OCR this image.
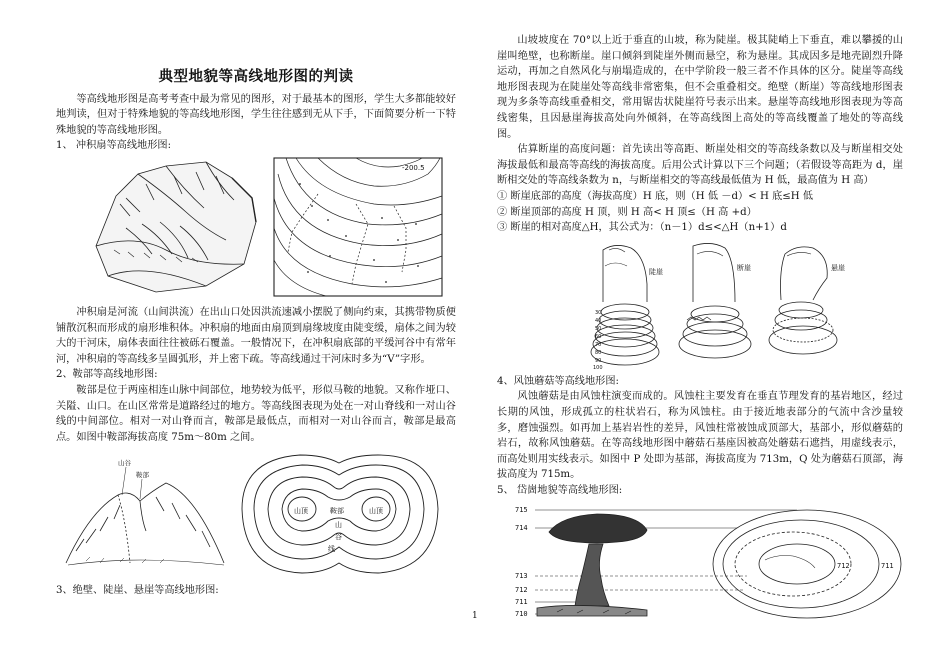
典型地貌等高线地形图的判读

等高线地形图是高考考查中最为常见的图形，对于最基本的图形，学生大多都能较好地判读，但对于特殊地貌的等高线地形图，学生往往感到无从下手，下面简要分析一下特殊地貌的等高线地形图。

1、 冲积扇等高线地形图:

-200.5

冲积扇是河流（山间洪流）在出山口处因洪流速减小摆脱了侧向约束，其携带物质便铺散沉积而形成的扇形堆积体。冲积扇的地面由扇顶到扇缘坡度由陡变缓，扇体之间为较大的干河床，扇体表面往往被砾石覆盖。一般情况下，在冲积扇底部的平缓河谷中有常年河，冲积扇的等高线多呈圆弧形，并上密下疏。等高线通过干河床时多为“V”字形。

2、鞍部等高线地形图:

鞍部是位于两座相连山脉中间部位，地势较为低平，形似马鞍的地貌。又称作垭口、关隘、山口。在山区常常是道路经过的地方。等高线图表现为处在一对山脊线和一对山谷线的中间部位。相对一对山脊而言，鞍部是最低点，而相对一对山谷而言，鞍部是最高点。如图中鞍部海拔高度 75m～80m 之间。

山谷
鞍部
山顶	鞍部	山顶
山
谷
线

3、绝壁、陡崖、悬崖等高线地形图:

山坡坡度在 70°以上近于垂直的山坡，称为陡崖。极其陡峭上下垂直，难以攀援的山崖叫绝壁，也称断崖。崖口倾斜到陡崖外侧而悬空，称为悬崖。其成因多是地壳剧烈升降运动，再加之自然风化与崩塌造成的，在中学阶段一般三者不作具体的区分。陡崖等高线地形图表现为在陡崖处等高线非常密集，但不会重叠相交。绝壁（断崖）等高线地形图表现为多条等高线重叠相交，常用锯齿状陡崖符号表示出来。悬崖等高线地形图表现为等高线密集，且因悬崖海拔高处向外倾斜，在等高线图上高处的等高线覆盖了地处的等高线图。

估算断崖的高度问题：首先读出等高距、断崖处相交的等高线条数以及与断崖相交处海拔最低和最高等高线的海拔高度。后用公式计算以下三个问题；（若假设等高距为 d，崖断相交处的等高线条数为 n，与断崖相交的等高线最低值为 H 低，最高值为 H 高）

① 断崖底部的高度（海拔高度）H 底，则（H 低 －d）< H 底≤H 低

② 断崖顶部的高度 H 顶，则 H 高< H 顶≤（H 高 +d）

③ 断崖的相对高度△H，其公式为：（n－1）d≤<△H（n+1）d

陡崖	断崖	悬崖
30
40
50
60
70
80
90
100

4、风蚀蘑菇等高线地形图:

风蚀蘑菇是由风蚀柱演变而成的。风蚀柱主要发育在垂直节理发育的基岩地区，经过长期的风蚀，形成孤立的柱状岩石，称为风蚀柱。由于接近地表部分的气流中含沙量较多，磨蚀强烈。如再加上基岩岩性的差异，风蚀柱常被蚀成顶部大，基部小，形似蘑菇的岩石，故称风蚀蘑菇。在等高线地形图中蘑菇石基座因被高处蘑菇石遮挡，用虚线表示，而高处则用实线表示。如图中 P 处即为基部，海拔高度为 713m，Q 处为蘑菇石顶部，海拔高度为 715m。

5、 岱崮地貌等高线地形图:

715
714
713
712
711
710
712	711
1
